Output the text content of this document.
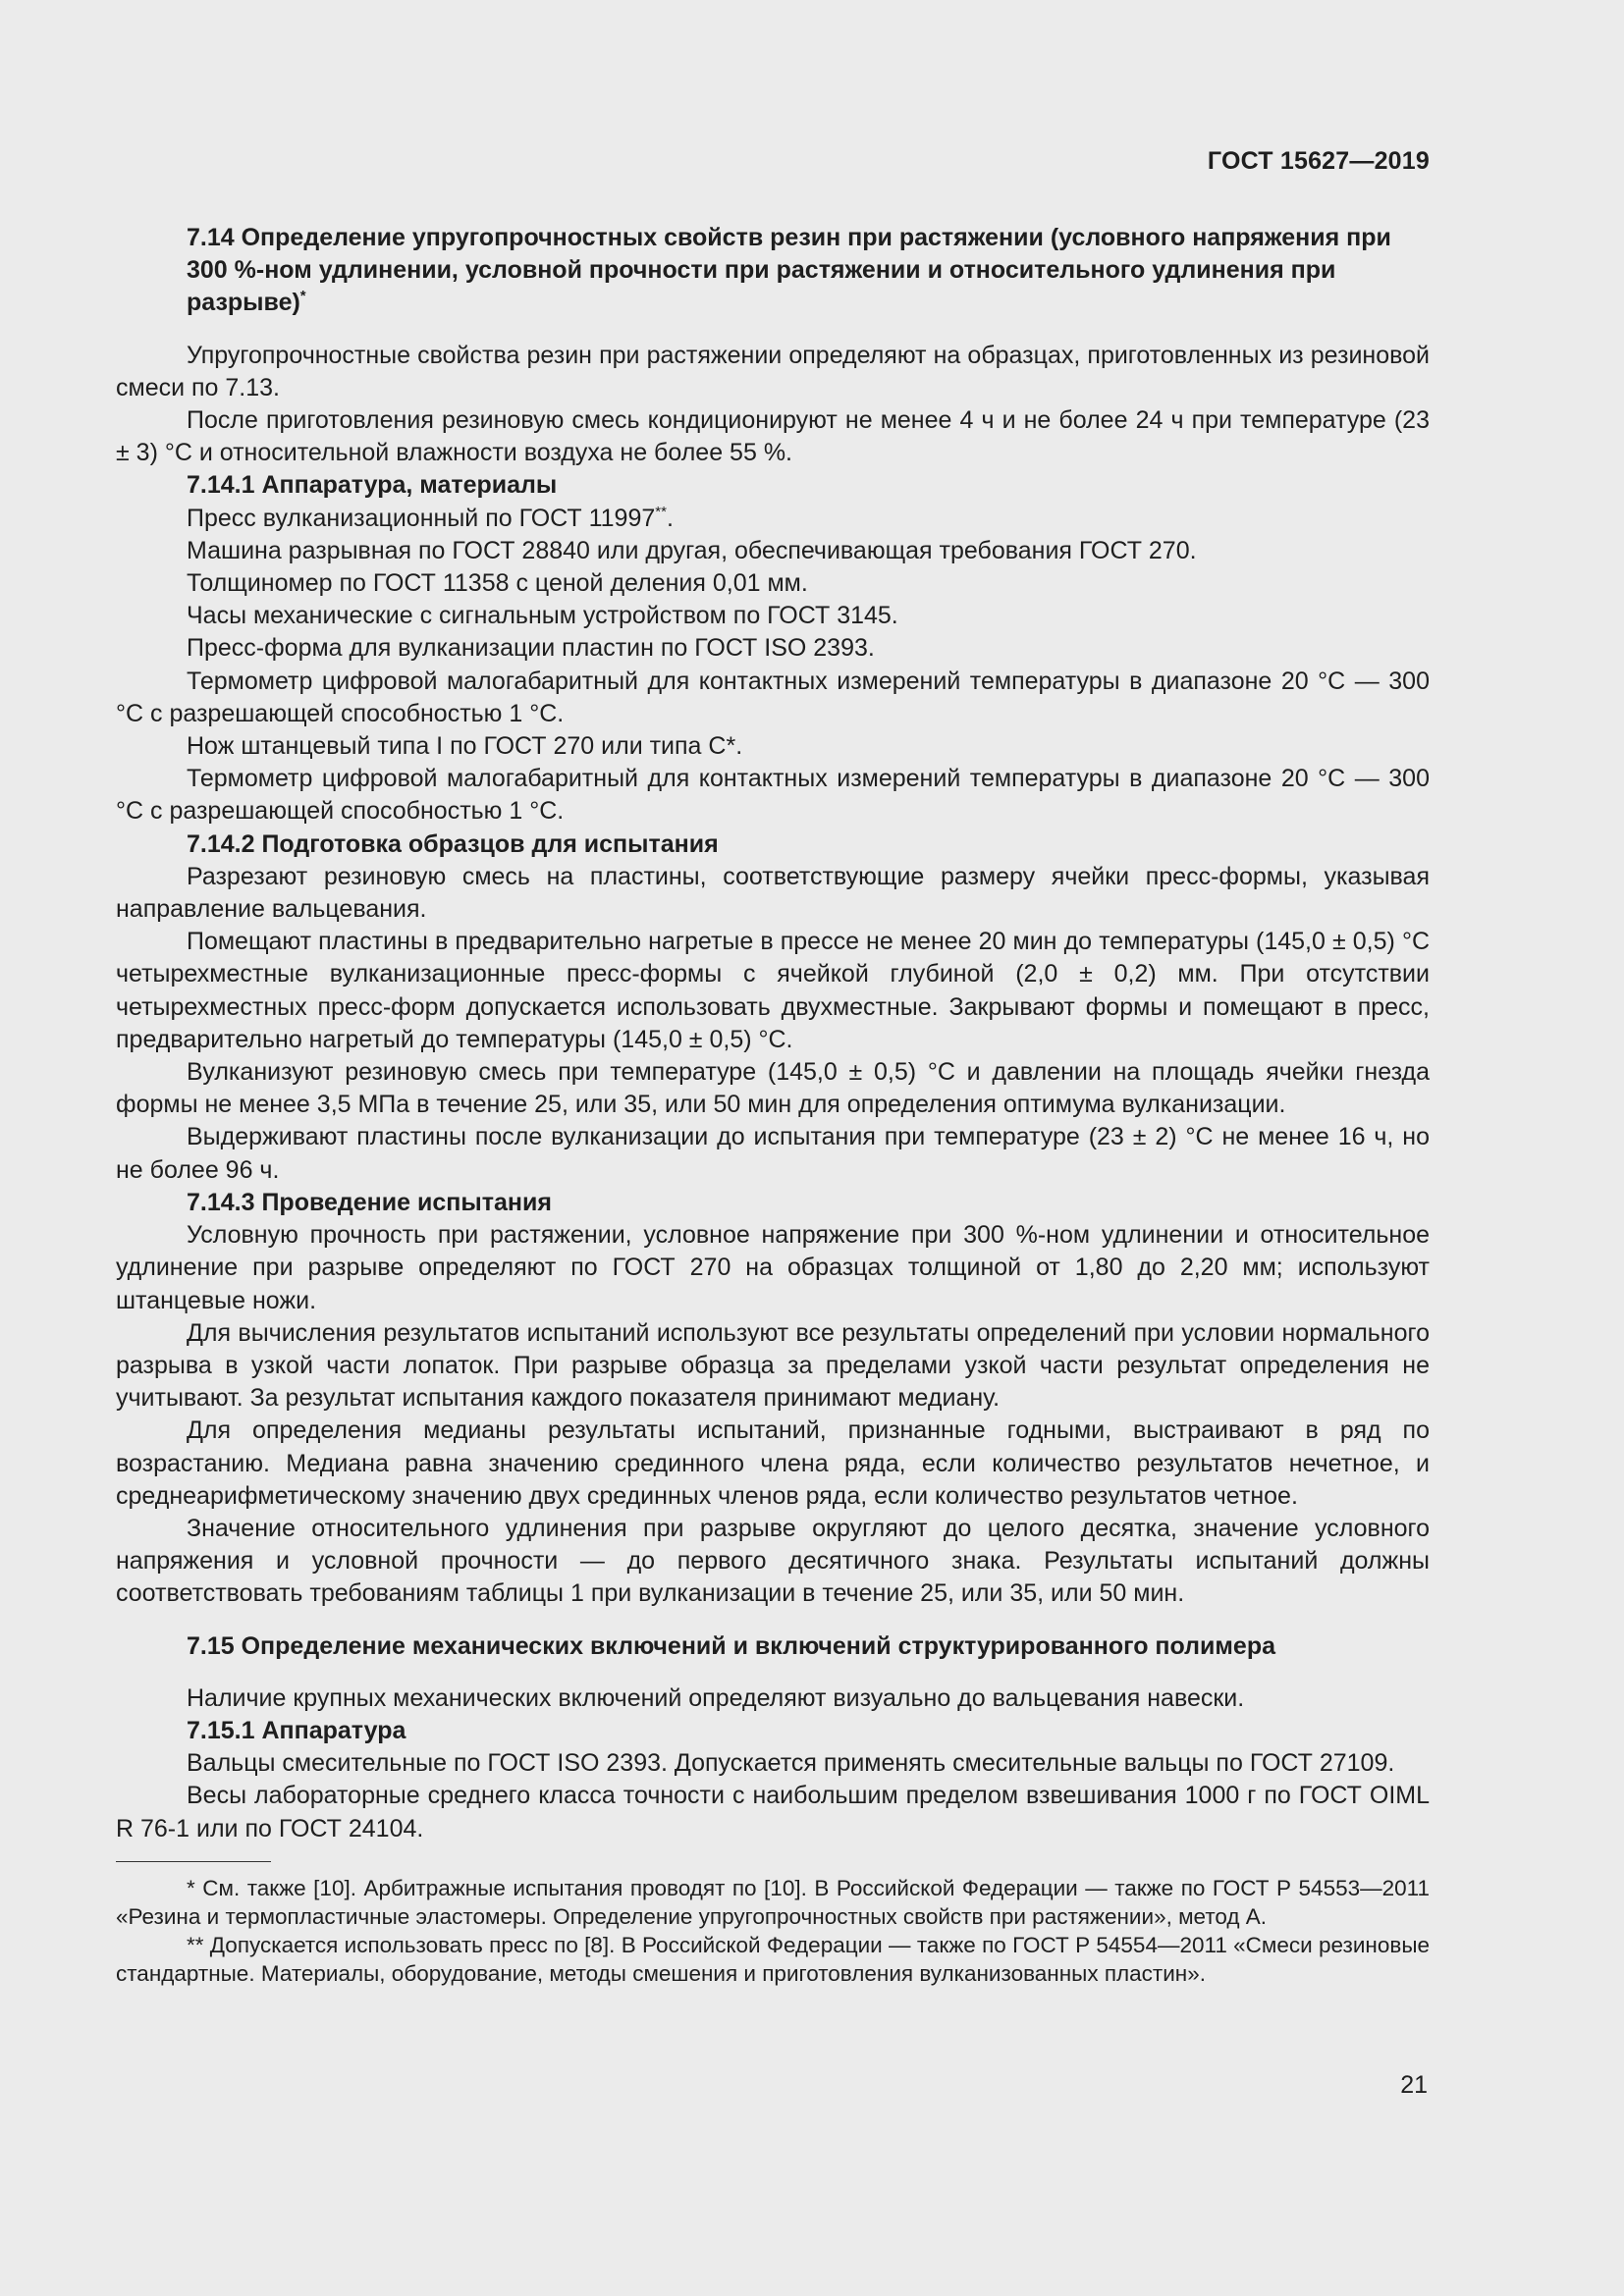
ГОСТ 15627—2019

7.14 Определение упругопрочностных свойств резин при растяжении (условного напряжения при 300 %-ном удлинении, условной прочности при растяжении и относительного удлинения при разрыве)*

Упругопрочностные свойства резин при растяжении определяют на образцах, приготовленных из резиновой смеси по 7.13.

После приготовления резиновую смесь кондиционируют не менее 4 ч и не более 24 ч при температуре (23 ± 3) °С и относительной влажности воздуха не более 55 %.

7.14.1 Аппаратура, материалы

Пресс вулканизационный по ГОСТ 11997**.

Машина разрывная по ГОСТ 28840 или другая, обеспечивающая требования ГОСТ 270.

Толщиномер по ГОСТ 11358 с ценой деления 0,01 мм.

Часы механические с сигнальным устройством по ГОСТ 3145.

Пресс-форма для вулканизации пластин по ГОСТ ISO 2393.

Термометр цифровой малогабаритный для контактных измерений температуры в диапазоне 20 °С — 300 °С с разрешающей способностью 1 °С.

Нож штанцевый типа I по ГОСТ 270 или типа С*.

Термометр цифровой малогабаритный для контактных измерений температуры в диапазоне 20 °С — 300 °С с разрешающей способностью 1 °С.

7.14.2 Подготовка образцов для испытания

Разрезают резиновую смесь на пластины, соответствующие размеру ячейки пресс-формы, указывая направление вальцевания.

Помещают пластины в предварительно нагретые в прессе не менее 20 мин до температуры (145,0 ± 0,5) °С четырехместные вулканизационные пресс-формы с ячейкой глубиной (2,0 ± 0,2) мм. При отсутствии четырехместных пресс-форм допускается использовать двухместные. Закрывают формы и помещают в пресс, предварительно нагретый до температуры (145,0 ± 0,5) °С.

Вулканизуют резиновую смесь при температуре (145,0 ± 0,5) °С и давлении на площадь ячейки гнезда формы не менее 3,5 МПа в течение 25, или 35, или 50 мин для определения оптимума вулканизации.

Выдерживают пластины после вулканизации до испытания при температуре (23 ± 2) °С не менее 16 ч, но не более 96 ч.

7.14.3 Проведение испытания

Условную прочность при растяжении, условное напряжение при 300 %-ном удлинении и относительное удлинение при разрыве определяют по ГОСТ 270 на образцах толщиной от 1,80 до 2,20 мм; используют штанцевые ножи.

Для вычисления результатов испытаний используют все результаты определений при условии нормального разрыва в узкой части лопаток. При разрыве образца за пределами узкой части результат определения не учитывают. За результат испытания каждого показателя принимают медиану.

Для определения медианы результаты испытаний, признанные годными, выстраивают в ряд по возрастанию. Медиана равна значению срединного члена ряда, если количество результатов нечетное, и среднеарифметическому значению двух срединных членов ряда, если количество результатов четное.

Значение относительного удлинения при разрыве округляют до целого десятка, значение условного напряжения и условной прочности — до первого десятичного знака. Результаты испытаний должны соответствовать требованиям таблицы 1 при вулканизации в течение 25, или 35, или 50 мин.

7.15 Определение механических включений и включений структурированного полимера

Наличие крупных механических включений определяют визуально до вальцевания навески.

7.15.1 Аппаратура

Вальцы смесительные по ГОСТ ISO 2393. Допускается применять смесительные вальцы по ГОСТ 27109.

Весы лабораторные среднего класса точности с наибольшим пределом взвешивания 1000 г по ГОСТ OIML R 76-1 или по ГОСТ 24104.

* См. также [10]. Арбитражные испытания проводят по [10]. В Российской Федерации — также по ГОСТ Р 54553—2011 «Резина и термопластичные эластомеры. Определение упругопрочностных свойств при растяжении», метод А.

** Допускается использовать пресс по [8]. В Российской Федерации — также по ГОСТ Р 54554—2011 «Смеси резиновые стандартные. Материалы, оборудование, методы смешения и приготовления вулканизованных пластин».

21
